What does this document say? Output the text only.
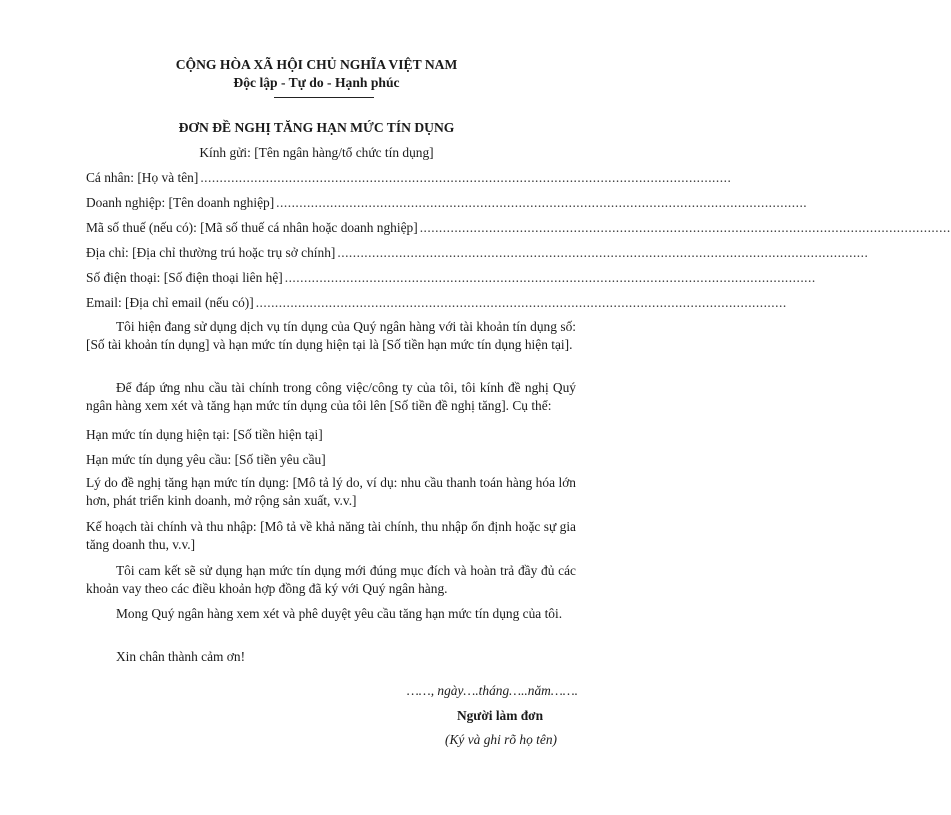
CỘNG HÒA XÃ HỘI CHỦ NGHĨA VIỆT NAM
Độc lập - Tự do - Hạnh phúc
ĐƠN ĐỀ NGHỊ TĂNG HẠN MỨC TÍN DỤNG
Kính gửi: [Tên ngân hàng/tổ chức tín dụng]
Cá nhân: [Họ và tên] ..........................................................................................................................................
Doanh nghiệp: [Tên doanh nghiệp] ..........................................................................................................................................
Mã số thuế (nếu có): [Mã số thuế cá nhân hoặc doanh nghiệp] ..........................................................................................................................................
Địa chỉ: [Địa chỉ thường trú hoặc trụ sở chính] ..........................................................................................................................................
Số điện thoại: [Số điện thoại liên hệ] ..........................................................................................................................................
Email: [Địa chỉ email (nếu có)] ..........................................................................................................................................
Tôi hiện đang sử dụng dịch vụ tín dụng của Quý ngân hàng với tài khoản tín dụng số: [Số tài khoản tín dụng] và hạn mức tín dụng hiện tại là [Số tiền hạn mức tín dụng hiện tại].
Để đáp ứng nhu cầu tài chính trong công việc/công ty của tôi, tôi kính đề nghị Quý ngân hàng xem xét và tăng hạn mức tín dụng của tôi lên [Số tiền đề nghị tăng]. Cụ thể:
Hạn mức tín dụng hiện tại: [Số tiền hiện tại]
Hạn mức tín dụng yêu cầu: [Số tiền yêu cầu]
Lý do đề nghị tăng hạn mức tín dụng: [Mô tả lý do, ví dụ: nhu cầu thanh toán hàng hóa lớn hơn, phát triển kinh doanh, mở rộng sản xuất, v.v.]
Kế hoạch tài chính và thu nhập: [Mô tả về khả năng tài chính, thu nhập ổn định hoặc sự gia tăng doanh thu, v.v.]
Tôi cam kết sẽ sử dụng hạn mức tín dụng mới đúng mục đích và hoàn trả đầy đủ các khoản vay theo các điều khoản hợp đồng đã ký với Quý ngân hàng.
Mong Quý ngân hàng xem xét và phê duyệt yêu cầu tăng hạn mức tín dụng của tôi.
Xin chân thành cảm ơn!
……, ngày….tháng…..năm…….
Người làm đơn
(Ký và ghi rõ họ tên)
